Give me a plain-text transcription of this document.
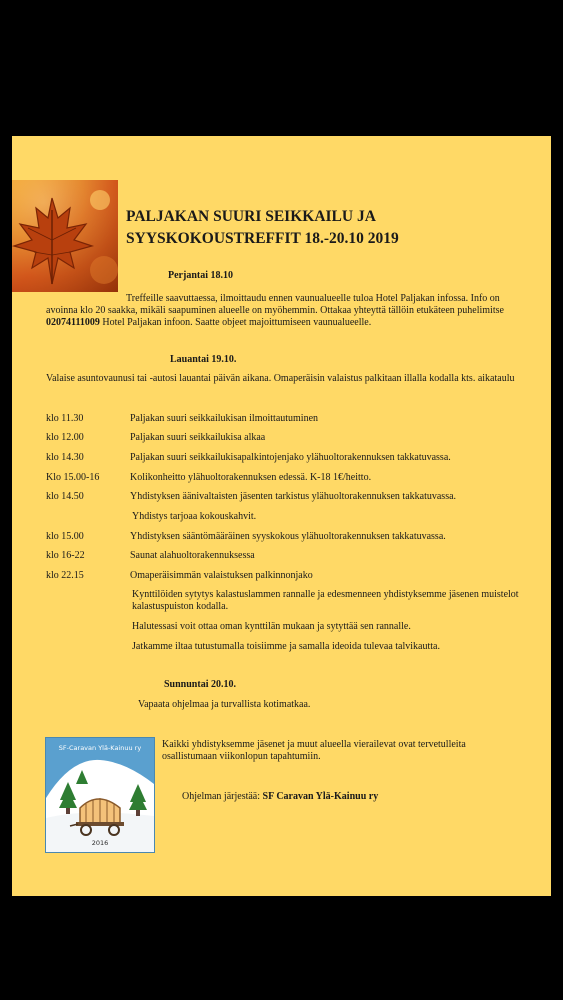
PALJAKAN SUURI SEIKKAILU JA
SYYSKOKOUSTREFFIT 18.-20.10 2019
Perjantai 18.10
Treffeille saavuttaessa, ilmoittaudu ennen vaunualueelle tuloa Hotel Paljakan infossa. Info on
avoinna klo 20 saakka, mikäli saapuminen alueelle on myöhemmin. Ottakaa yhteyttä tällöin etukäteen puhelimitse
02074111009 Hotel Paljakan infoon. Saatte objeet majoittumiseen vaunualueelle.
Lauantai 19.10.
Valaise asuntovaunusi tai -autosi lauantai päivän aikana. Omaperäisin valaistus palkitaan illalla kodalla kts. aikataulu
klo 11.30	Paljakan suuri seikkailukisan ilmoittautuminen
klo 12.00	Paljakan suuri seikkailukisa alkaa
klo 14.30	Paljakan suuri seikkailukisapalkintojenjako ylähuoltorakennuksen takkatuvassa.
Klo 15.00-16	Kolikonheitto ylähuoltorakennuksen edessä. K-18 1€/heitto.
klo 14.50	Yhdistyksen äänivaltaisten jäsenten tarkistus ylähuoltorakennuksen takkatuvassa.
Yhdistys tarjoaa kokouskahvit.
klo 15.00	Yhdistyksen sääntömääräinen syyskokous ylähuoltorakennuksen takkatuvassa.
klo 16-22	Saunat alahuoltorakennuksessa
klo 22.15	Omaperäisimmän valaistuksen palkinnonjako
Kynttilöiden sytytys kalastuslammen rannalle ja edesmenneen yhdistyksemme jäsenen muistelot
kalastuspuiston kodalla.
Halutessasi voit ottaa oman kynttilän mukaan ja sytyttää sen rannalle.
Jatkamme iltaa tutustumalla toisiimme ja samalla ideoida tulevaa talvikautta.
Sunnuntai 20.10.
Vapaata ohjelmaa ja turvallista kotimatkaa.
SF-Caravan Ylä-Kainuu ry
2016
Kaikki yhdistyksemme jäsenet ja muut alueella vierailevat ovat tervetulleita
osallistumaan viikonlopun tapahtumiin.
Ohjelman järjestää: SF Caravan Ylä-Kainuu ry
